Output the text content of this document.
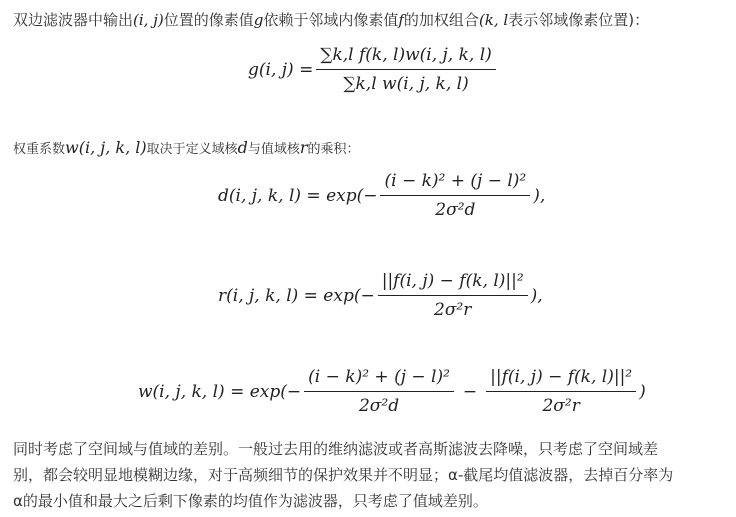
双边滤波器中输出(i, j)位置的像素值g依赖于邻域内像素值f的加权组合(k, l表示邻域像素位置)：
g(i, $j) = \frac{\text{∑k,l f(k, l)w(i, j, k, l)}}{\text{∑k,l w(i, j, k, l)}}$
权重系数w(i, j, k, l)取决于定义域核d与值域核r的乘积：
d(i, j, k, $l) = \exp(- \frac{\text{(i − k)² + (j − l)²}}{\text{2σ²d}}$ ),
r(i, j, k, $l) = \exp(- \frac{\text{||f(i, j) − f(k, l)||²}}{\text{2σ²r}}$ ),
w(i, j, k, $l) = \exp(- \frac{\text{(i − k)² + (j − l)²}}{\text{2σ²d}} - \frac{\text{||f(i, j) − f(k, l)||²}}{\text{2σ²r}}$ )

同时考虑了空间域与值域的差别。一般过去用的维纳滤波或者高斯滤波去降噪，只考虑了空间域差

别，都会较明显地模糊边缘，对于高频细节的保护效果并不明显；α-截尾均值滤波器，去掉百分率为

α的最小值和最大之后剩下像素的均值作为滤波器，只考虑了值域差别。
